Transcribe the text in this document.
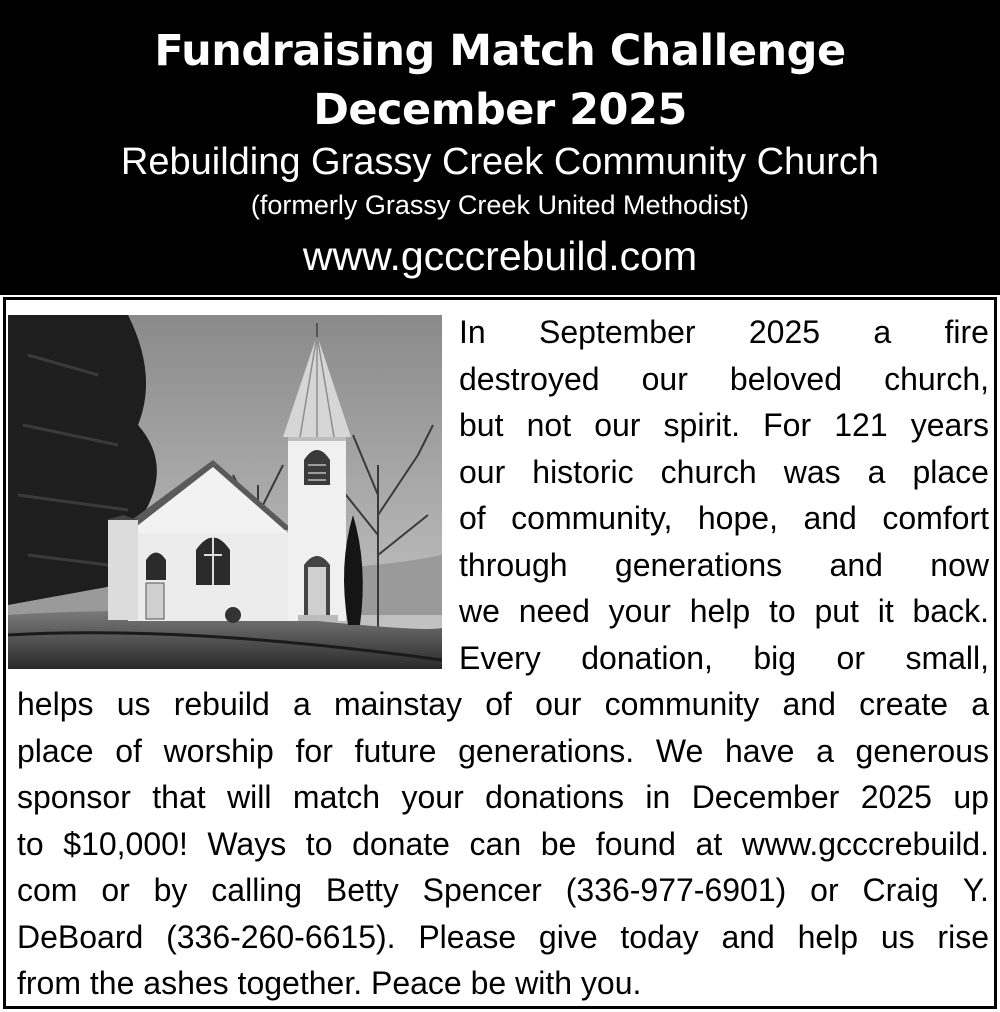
Fundraising Match Challenge
December 2025
Rebuilding Grassy Creek Community Church
(formerly Grassy Creek United Methodist)
www.gcccrebuild.com
In September 2025 a fire
destroyed our beloved church,
but not our spirit. For 121 years
our historic church was a place
of community, hope, and comfort
through generations and now
we need your help to put it back.
Every donation, big or small,
helps us rebuild a mainstay of our community and create a
place of worship for future generations. We have a generous
sponsor that will match your donations in December 2025 up
to $10,000! Ways to donate can be found at www.gcccrebuild.
com or by calling Betty Spencer (336-977-6901) or Craig Y.
DeBoard (336-260-6615). Please give today and help us rise
from the ashes together. Peace be with you.
